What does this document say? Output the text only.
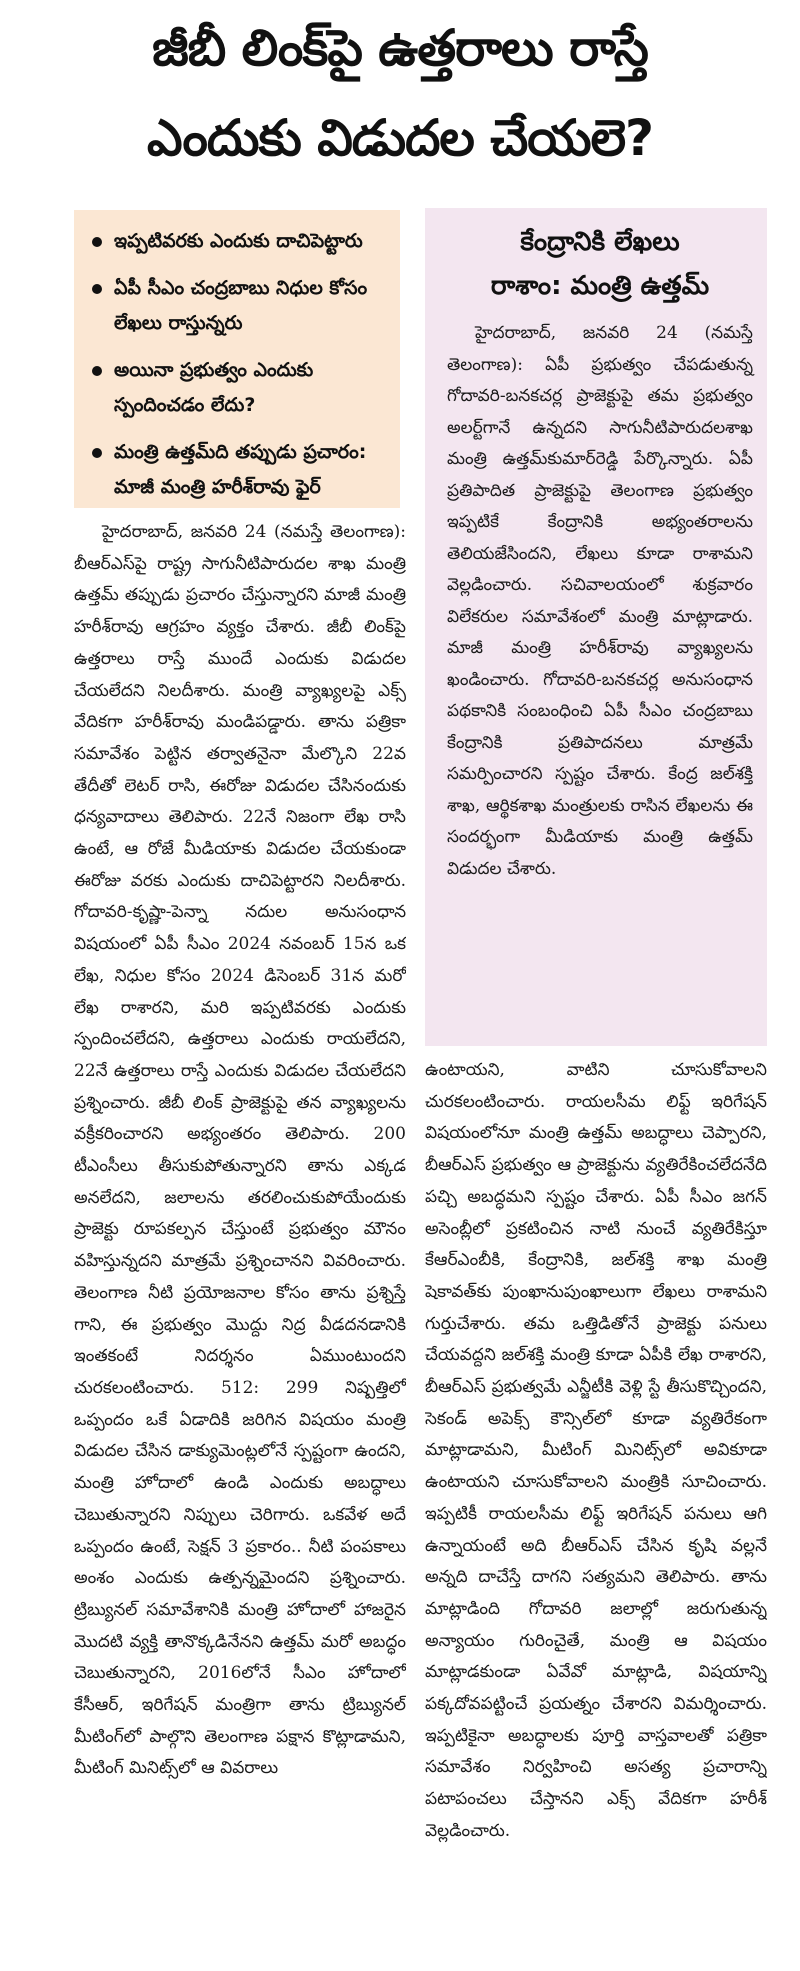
జీబీ లింక్‌పై ఉత్తరాలు రాస్తే
ఎందుకు విడుదల చేయలె?
ఇప్పటివరకు ఎందుకు దాచిపెట్టారు
ఏపీ సీఎం చంద్రబాబు నిధుల కోసం లేఖలు రాస్తున్నరు
అయినా ప్రభుత్వం ఎందుకు స్పందించడం లేదు?
మంత్రి ఉత్తమ్‌ది తప్పుడు ప్రచారం: మాజీ మంత్రి హరీశ్‌రావు ఫైర్
కేంద్రానికి లేఖలు
రాశాం: మంత్రి ఉత్తమ్

హైదరాబాద్, జనవరి 24 (నమస్తే తెలంగాణ): ఏపీ ప్రభుత్వం చేపడుతున్న గోదావరి-బనకచర్ల ప్రాజెక్టుపై తమ ప్రభుత్వం అలర్ట్‌గానే ఉన్నదని సాగునీటిపారుదలశాఖ మంత్రి ఉత్తమ్‌కుమార్‌రెడ్డి పేర్కొన్నారు. ఏపీ ప్రతిపాదిత ప్రాజెక్టుపై తెలంగాణ ప్రభుత్వం ఇప్పటికే కేంద్రానికి అభ్యంతరాలను తెలియజేసిందని, లేఖలు కూడా రాశామని వెల్లడించారు. సచివాలయంలో శుక్రవారం విలేకరుల సమావేశంలో మంత్రి మాట్లాడారు. మాజీ మంత్రి హరీశ్‌రావు వ్యాఖ్యలను ఖండించారు. గోదావరి-బనకచర్ల అనుసంధాన పథకానికి సంబంధించి ఏపీ సీఎం చంద్రబాబు కేంద్రానికి ప్రతిపాదనలు మాత్రమే సమర్పించారని స్పష్టం చేశారు. కేంద్ర జల్‌శక్తి శాఖ, ఆర్థికశాఖ మంత్రులకు రాసిన లేఖలను ఈ సందర్భంగా మీడియాకు మంత్రి ఉత్తమ్ విడుదల చేశారు.

హైదరాబాద్, జనవరి 24 (నమస్తే తెలంగాణ): బీఆర్‌ఎస్‌పై రాష్ట్ర సాగునీటిపారుదల శాఖ మంత్రి ఉత్తమ్ తప్పుడు ప్రచారం చేస్తున్నారని మాజీ మంత్రి హరీశ్‌రావు ఆగ్రహం వ్యక్తం చేశారు. జీబీ లింక్‌పై ఉత్తరాలు రాస్తే ముందే ఎందుకు విడుదల చేయలేదని నిలదీశారు. మంత్రి వ్యాఖ్యలపై ఎక్స్ వేదికగా హరీశ్‌రావు మండిపడ్డారు. తాను పత్రికా సమావేశం పెట్టిన తర్వాతనైనా మేల్కొని 22వ తేదీతో లెటర్ రాసి, ఈరోజు విడుదల చేసినందుకు ధన్యవాదాలు తెలిపారు. 22నే నిజంగా లేఖ రాసి ఉంటే, ఆ రోజే మీడియాకు విడుదల చేయకుండా ఈరోజు వరకు ఎందుకు దాచిపెట్టారని నిలదీశారు. గోదావరి-కృష్ణా-పెన్నా నదుల అనుసంధాన విషయంలో ఏపీ సీఎం 2024 నవంబర్ 15న ఒక లేఖ, నిధుల కోసం 2024 డిసెంబర్ 31న మరో లేఖ రాశారని, మరి ఇప్పటివరకు ఎందుకు స్పందించలేదని, ఉత్తరాలు ఎందుకు రాయలేదని, 22నే ఉత్తరాలు రాస్తే ఎందుకు విడుదల చేయలేదని ప్రశ్నించారు. జీబీ లింక్ ప్రాజెక్టుపై తన వ్యాఖ్యలను వక్రీకరించారని అభ్యంతరం తెలిపారు. 200 టీఎంసీలు తీసుకుపోతున్నారని తాను ఎక్కడ అనలేదని, జలాలను తరలించుకుపోయేందుకు ప్రాజెక్టు రూపకల్పన చేస్తుంటే ప్రభుత్వం మౌనం వహిస్తున్నదని మాత్రమే ప్రశ్నించానని వివరించారు. తెలంగాణ నీటి ప్రయోజనాల కోసం తాను ప్రశ్నిస్తే గాని, ఈ ప్రభుత్వం మొద్దు నిద్ర వీడదనడానికి ఇంతకంటే నిదర్శనం ఏముంటుందని చురకలంటించారు. 512: 299 నిష్పత్తిలో ఒప్పందం ఒకే ఏడాదికి జరిగిన విషయం మంత్రి విడుదల చేసిన డాక్యుమెంట్లలోనే స్పష్టంగా ఉందని, మంత్రి హోదాలో ఉండి ఎందుకు అబద్ధాలు చెబుతున్నారని నిప్పులు చెరిగారు. ఒకవేళ అదే ఒప్పందం ఉంటే, సెక్షన్ 3 ప్రకారం.. నీటి పంపకాలు అంశం ఎందుకు ఉత్పన్నమైందని ప్రశ్నించారు. ట్రిబ్యునల్ సమావేశానికి మంత్రి హోదాలో హాజరైన మొదటి వ్యక్తి తానొక్కడినేనని ఉత్తమ్ మరో అబద్ధం చెబుతున్నారని, 2016లోనే సీఎం హోదాలో కేసీఆర్, ఇరిగేషన్ మంత్రిగా తాను ట్రిబ్యునల్ మీటింగ్‌లో పాల్గొని తెలంగాణ పక్షాన కొట్లాడామని, మీటింగ్ మినిట్స్‌లో ఆ వివరాలు

ఉంటాయని, వాటిని చూసుకోవాలని చురకలంటించారు. రాయలసీమ లిఫ్ట్ ఇరిగేషన్ విషయంలోనూ మంత్రి ఉత్తమ్ అబద్ధాలు చెప్పారని, బీఆర్‌ఎస్ ప్రభుత్వం ఆ ప్రాజెక్టును వ్యతిరేకించలేదనేది పచ్చి అబద్ధమని స్పష్టం చేశారు. ఏపీ సీఎం జగన్ అసెంబ్లీలో ప్రకటించిన నాటి నుంచే వ్యతిరేకిస్తూ కేఆర్‌ఎంబీకి, కేంద్రానికి, జల్‌శక్తి శాఖ మంత్రి షెకావత్‌కు పుంఖానుపుంఖాలుగా లేఖలు రాశామని గుర్తుచేశారు. తమ ఒత్తిడితోనే ప్రాజెక్టు పనులు చేయవద్దని జల్‌శక్తి మంత్రి కూడా ఏపీకి లేఖ రాశారని, బీఆర్‌ఎస్ ప్రభుత్వమే ఎన్జీటీకి వెళ్లి స్టే తీసుకొచ్చిందని, సెకండ్ అపెక్స్ కౌన్సిల్‌లో కూడా వ్యతిరేకంగా మాట్లాడామని, మీటింగ్ మినిట్స్‌లో అవికూడా ఉంటాయని చూసుకోవాలని మంత్రికి సూచించారు. ఇప్పటికీ రాయలసీమ లిఫ్ట్ ఇరిగేషన్ పనులు ఆగి ఉన్నాయంటే అది బీఆర్‌ఎస్ చేసిన కృషి వల్లనే అన్నది దాచేస్తే దాగని సత్యమని తెలిపారు. తాను మాట్లాడింది గోదావరి జలాల్లో జరుగుతున్న అన్యాయం గురించైతే, మంత్రి ఆ విషయం మాట్లాడకుండా ఏవేవో మాట్లాడి, విషయాన్ని పక్కదోవపట్టించే ప్రయత్నం చేశారని విమర్శించారు. ఇప్పటికైనా అబద్ధాలకు పూర్తి వాస్తవాలతో పత్రికా సమావేశం నిర్వహించి అసత్య ప్రచారాన్ని పటాపంచలు చేస్తానని ఎక్స్ వేదికగా హరీశ్ వెల్లడించారు.
